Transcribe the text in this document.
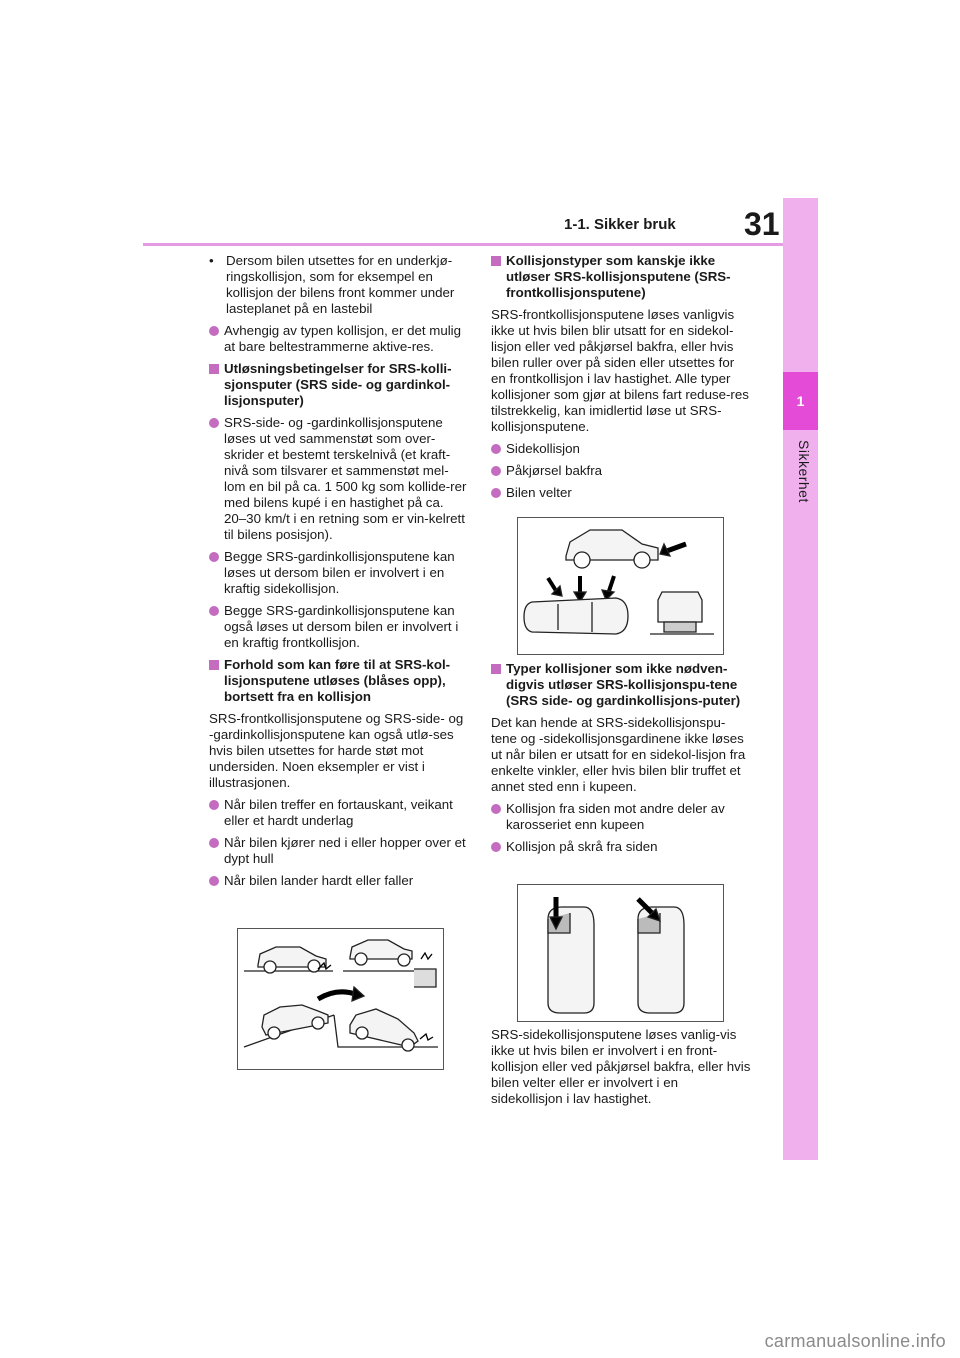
1-1. Sikker bruk 31
1
Sikkerhet
• Dersom bilen utsettes for en underkjø-ringskollisjon, som for eksempel en kollisjon der bilens front kommer under lasteplanet på en lastebil
Avhengig av typen kollisjon, er det mulig at bare beltestrammerne aktive-res.
Utløsningsbetingelser for SRS-kolli-sjonsputer (SRS side- og gardinkol-lisjonsputer)
SRS-side- og -gardinkollisjonsputene løses ut ved sammenstøt som over-skrider et bestemt terskelnivå (et kraft-nivå som tilsvarer et sammenstøt mel-lom en bil på ca. 1 500 kg som kollide-rer med bilens kupé i en hastighet på ca. 20–30 km/t i en retning som er vin-kelrett til bilens posisjon).
Begge SRS-gardinkollisjonsputene kan løses ut dersom bilen er involvert i en kraftig sidekollisjon.
Begge SRS-gardinkollisjonsputene kan også løses ut dersom bilen er involvert i en kraftig frontkollisjon.
Forhold som kan føre til at SRS-kol-lisjonsputene utløses (blåses opp), bortsett fra en kollisjon

SRS-frontkollisjonsputene og SRS-side- og -gardinkollisjonsputene kan også utlø-ses hvis bilen utsettes for harde støt mot undersiden. Noen eksempler er vist i illustrasjonen.

Når bilen treffer en fortauskant, veikant eller et hardt underlag
Når bilen kjører ned i eller hopper over et dypt hull
Når bilen lander hardt eller faller
Kollisjonstyper som kanskje ikke utløser SRS-kollisjonsputene (SRS-frontkollisjonsputene)

SRS-frontkollisjonsputene løses vanligvis ikke ut hvis bilen blir utsatt for en sidekol-lisjon eller ved påkjørsel bakfra, eller hvis bilen ruller over på siden eller utsettes for en frontkollisjon i lav hastighet. Alle typer kollisjoner som gjør at bilens fart reduse-res tilstrekkelig, kan imidlertid løse ut SRS-kollisjonsputene.

Sidekollisjon
Påkjørsel bakfra
Bilen velter
Typer kollisjoner som ikke nødven-digvis utløser SRS-kollisjonspu-tene (SRS side- og gardinkollisjons-puter)

Det kan hende at SRS-sidekollisjonspu-tene og -sidekollisjonsgardinene ikke løses ut når bilen er utsatt for en sidekol-lisjon fra enkelte vinkler, eller hvis bilen blir truffet et annet sted enn i kupeen.

Kollisjon fra siden mot andre deler av karosseriet enn kupeen
Kollisjon på skrå fra siden
SRS-sidekollisjonsputene løses vanlig-vis ikke ut hvis bilen er involvert i en front-kollisjon eller ved påkjørsel bakfra, eller hvis bilen velter eller er involvert i en sidekollisjon i lav hastighet.
carmanualsonline.info
